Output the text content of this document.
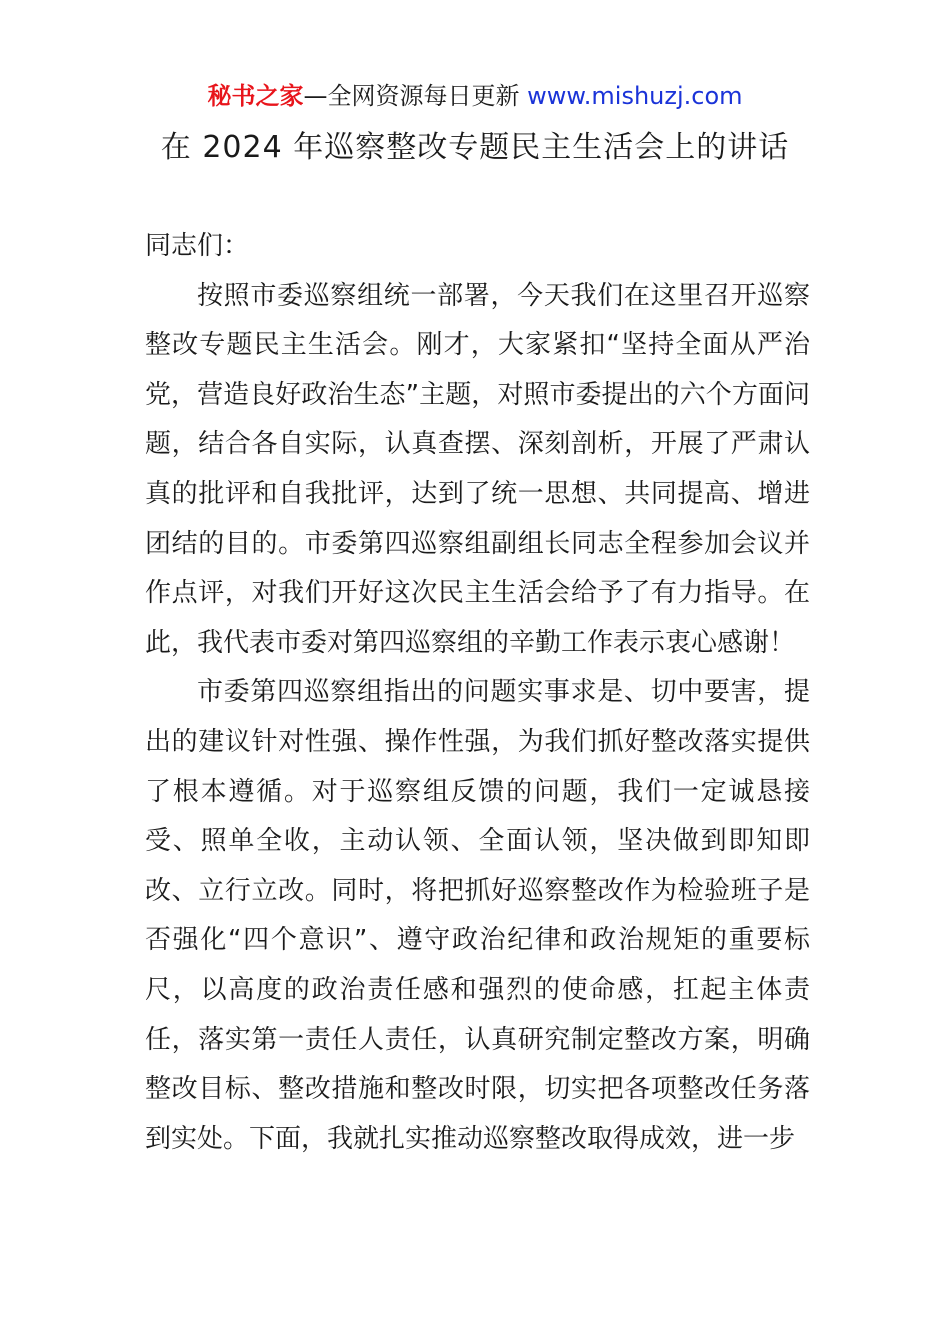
秘书之家—全网资源每日更新 www.mishuzj.com
在 2024 年巡察整改专题民主生活会上的讲话

同志们：

按照市委巡察组统一部署，今天我们在这里召开巡察整改专题民主生活会。刚才，大家紧扣“坚持全面从严治党，营造良好政治生态”主题，对照市委提出的六个方面问题，结合各自实际，认真查摆、深刻剖析，开展了严肃认真的批评和自我批评，达到了统一思想、共同提高、增进团结的目的。市委第四巡察组副组长同志全程参加会议并作点评，对我们开好这次民主生活会给予了有力指导。在此，我代表市委对第四巡察组的辛勤工作表示衷心感谢！

市委第四巡察组指出的问题实事求是、切中要害，提出的建议针对性强、操作性强，为我们抓好整改落实提供了根本遵循。对于巡察组反馈的问题，我们一定诚恳接受、照单全收，主动认领、全面认领，坚决做到即知即改、立行立改。同时，将把抓好巡察整改作为检验班子是否强化“四个意识”、遵守政治纪律和政治规矩的重要标尺，以高度的政治责任感和强烈的使命感，扛起主体责任，落实第一责任人责任，认真研究制定整改方案，明确整改目标、整改措施和整改时限，切实把各项整改任务落到实处。下面，我就扎实推动巡察整改取得成效，进一步
